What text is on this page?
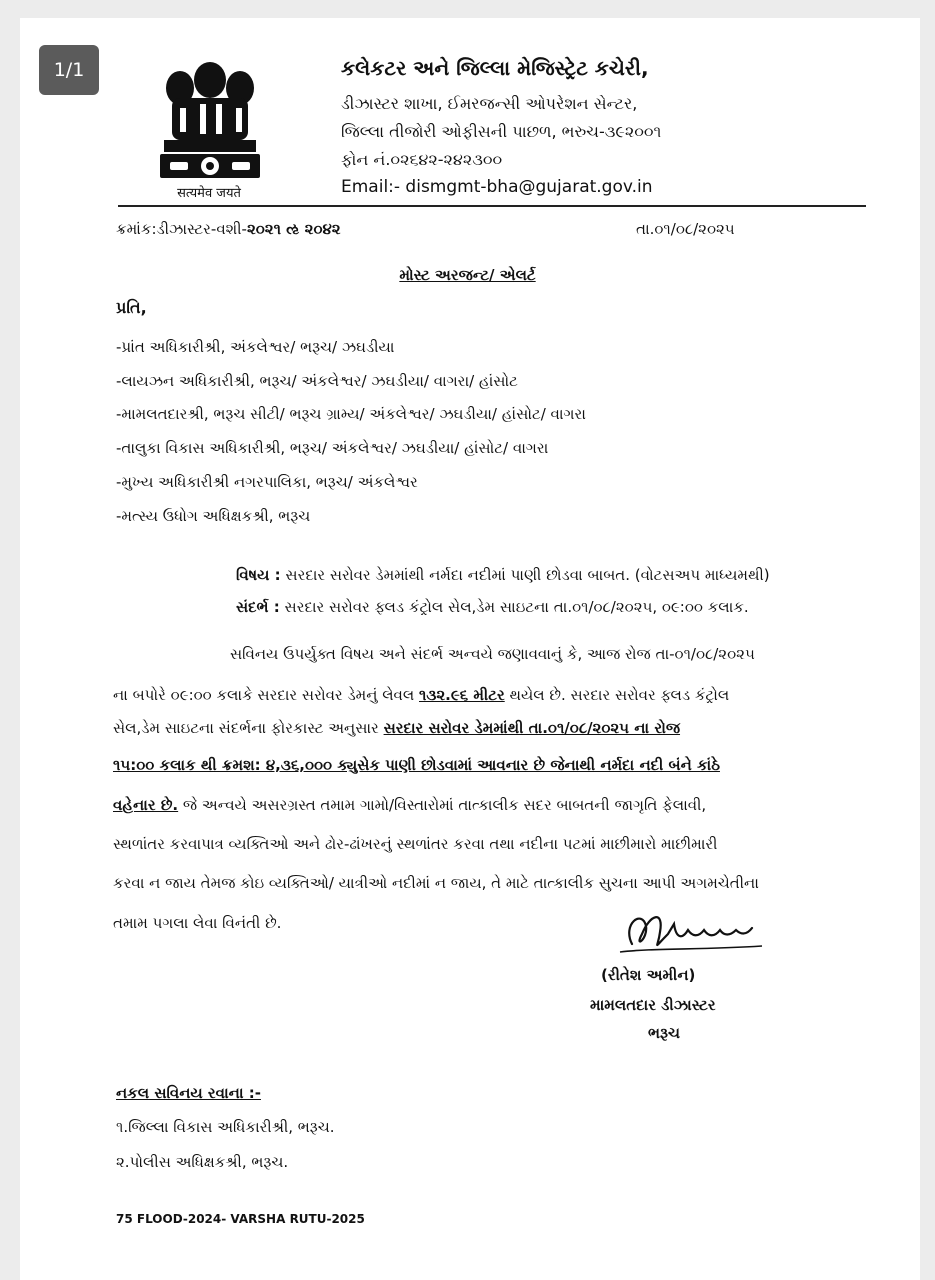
1/1
सत्यमेव जयते
કલેકટર અને જિલ્લા મેજિસ્ટ્રેટ કચેરી,
ડીઝાસ્ટર શાખા, ઈમરજન્સી ઓપરેશન સેન્ટર,
જિલ્લા તીજોરી ઓફીસની પાછળ, ભરુચ-૩૯૨૦૦૧
ફોન નં.૦૨૬૪૨-૨૪૨૩૦૦
Email:- dismgmt-bha@gujarat.gov.in
ક્રમાંક:ડીઝાસ્ટર-વશી-૨૦૨૧ ઌ ૨૦૪૨	તા.૦૧/૦૮/૨૦૨૫
મોસ્ટ અરજન્ટ/ એલર્ટ
પ્રતિ,
-પ્રાંત અધિકારીશ્રી, અંકલેશ્વર/ ભરૂચ/ ઝઘડીયા
-લાયઝન અધિકારીશ્રી, ભરૂચ/ અંકલેશ્વર/ ઝઘડીયા/ વાગરા/ હાંસોટ
-મામલતદારશ્રી, ભરૂચ સીટી/ ભરૂચ ગ્રામ્ય/ અંકલેશ્વર/ ઝઘડીયા/ હાંસોટ/ વાગરા
-તાલુકા વિકાસ અધિકારીશ્રી, ભરૂચ/ અંકલેશ્વર/ ઝઘડીયા/ હાંસોટ/ વાગરા
-મુખ્ય અધિકારીશ્રી નગરપાલિકા, ભરૂચ/ અંકલેશ્વર
-મત્સ્ય ઉધોગ અધિક્ષકશ્રી, ભરૂચ
વિષય : સરદાર સરોવર ડેમમાંથી નર્મદા નદીમાં પાણી છોડવા બાબત. (વોટસઅપ માધ્યમથી)
સંદર્ભ : સરદાર સરોવર ફ્લડ કંટ્રોલ સેલ,ડેમ સાઇટના તા.૦૧/૦૮/૨૦૨૫, ૦૯:૦૦ કલાક.
સવિનય ઉપર્યુક્ત વિષય અને સંદર્ભ અન્વયે જણાવવાનું કે, આજ રોજ તા-૦૧/૦૮/૨૦૨૫
ના બપોરે ૦૯:૦૦ કલાકે સરદાર સરોવર ડેમનું લેવલ ૧૩૨.૯૬ મીટર થયેલ છે. સરદાર સરોવર ફ્લડ કંટ્રોલ
સેલ,ડેમ સાઇટના સંદર્ભના ફોરકાસ્ટ અનુસાર સરદાર સરોવર ડેમમાંથી તા.૦૧/૦૮/૨૦૨૫ ના રોજ
૧૫:૦૦ કલાક થી ક્રમશ: ૪,૩૬,૦૦૦ ક્યુસેક પાણી છોડવામાં આવનાર છે જેનાથી નર્મદા નદી બંને કાંઠે
વહેનાર છે. જે અન્વયે અસરગ્રસ્ત તમામ ગામો/વિસ્તારોમાં તાત્કાલીક સદર બાબતની જાગૃતિ ફેલાવી,
સ્થળાંતર કરવાપાત્ર વ્યક્તિઓ અને ઢોર-ઢાંખરનું સ્થળાંતર કરવા તથા નદીના પટમાં માછીમારો માછીમારી
કરવા ન જાય તેમજ કોઇ વ્યક્તિઓ/ યાત્રીઓ નદીમાં ન જાય, તે માટે તાત્કાલીક સુચના આપી અગમચેતીના
તમામ પગલા લેવા વિનંતી છે.
(રીતેશ અમીન)
મામલતદાર ડીઝાસ્ટર
ભરૂચ
નકલ સવિનય રવાના :-
૧.જિલ્લા વિકાસ અધિકારીશ્રી, ભરૂચ.
૨.પોલીસ અધિક્ષકશ્રી, ભરૂચ.
75 FLOOD-2024- VARSHA RUTU-2025
